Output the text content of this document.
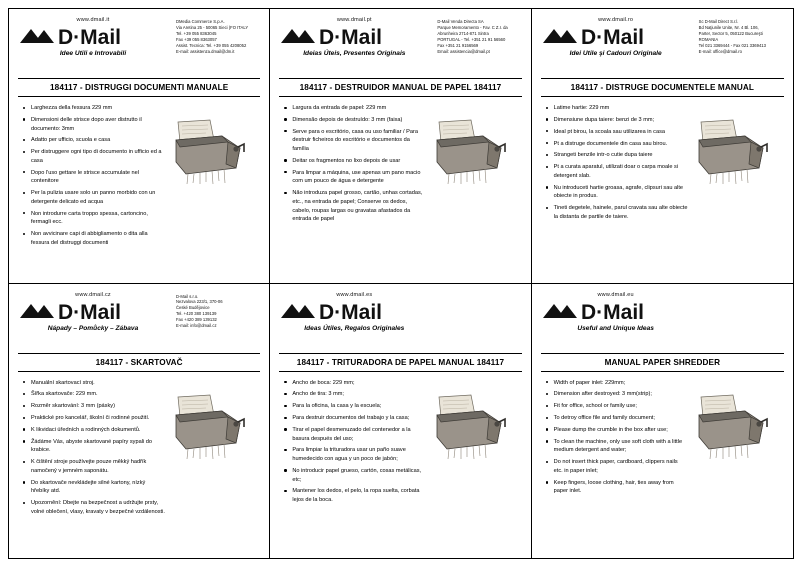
www.dmail.it
D·Mail
Idee Utili e Introvabili
DMedia Commerce S.p.A.
Via Aretina 25 - 50065 Sieci (FO ITALY
Tel. +39 055 8363045
Fax +39 055 8363057
Assist. Tecnica: Tel. +39 055 4208052
E-mail: assistenza.dmail@dm.it
184117 - DISTRUGGI DOCUMENTI MANUALE
Larghezza della fessura 229 mm
Dimensioni delle strisce dopo aver distrutto il documento: 3mm
Adatto per ufficio, scuola e casa
Per distruggere ogni tipo di documento in ufficio ed a casa
Dopo l'uso gettare le strisce accumulate nel contenitore
Per la pulizia usare solo un panno morbido con un detergente delicato ed acqua
Non introdurre carta troppo spessa, cartoncino, fermagli ecc.
Non avvicinare capi di abbigliamento o dita alla fessura del distruggi documenti
www.dmail.pt
D·Mail
Ideias Úteis, Presentes Originais
D-Mail Venda Directa SA
Parque Memoramento - Fav. C Z.I. da
Abrunheira 2714-871 Sintra
PORTUGAL - Tel. +351 21 91 56560
Fax +351 21 9156569
Email: assistencia@dmail.pt
184117 - DESTRUIDOR MANUAL DE PAPEL 184117
Largura da entrada de papel: 229 mm
Dimensão depois de destruído: 3 mm (faixa)
Serve para o escritório, casa ou uso familiar / Para destruir ficheiros do escritório e documentos da família
Deitar os fragmentos no lixo depois de usar
Para limpar a máquina, use apenas um pano macio com um pouco de água e detergente
Não introduza papel grosso, cartão, unhas cortadas, etc., na entrada de papel; Conserve os dedos, cabelo, roupas largas ou gravatas afastados da entrada de papel
www.dmail.ro
D·Mail
Idei Utile şi Cadouri Originale
Sc D-Mail Direct S.r.l.
Bd Naţiunile Unite, Nr. 4 Bl. 106,
Parter, Sector 5, 050122 Bucureşti
ROMANIA
Tel 021 3369444 - Fax 021 3369413
E-mail: office@dmail.ro
184117 - DISTRUGE DOCUMENTELE MANUAL
Latime hartie: 229 mm
Dimensiune dupa taiere: benzi de 3 mm;
Ideal pt birou, la scoala sau utilizarea in casa
Pt a distruge documentele din casa sau birou.
Strangeti benzile intr-o cutie dupa taiere
Pt a curata aparatul, utilizati doar o carpa moale si detergent slab.
Nu introduceti hartie groasa, agrafe, clipsuri sau alte obiecte in produs.
Tineti degetele, hainele, parul cravata sau alte obiecte la distanta de partile de taiere.
www.dmail.cz
D·Mail
Nápady – Pomůcky – Zábava
D-Mail s.r.o.
Nezvalova 223/1, 370-06
České Budějovice
Tel. +420 380 139139
Fax +420 389 139132
E-mail: info@dmail.cz
184117 - SKARTOVAČ
Manuální skartovací stroj.
Šířka skartovače: 229 mm.
Rozměr skartování: 3 mm (pásky)
Praktické pro kancelář, školní či rodinné použití.
K likvidaci úředních a rodinných dokumentů.
Žádáme Vás, abyste skartované papíry sypali do krabice.
K čištění stroje používejte pouze měkký hadřík namočený v jemném saponátu.
Do skartovače nevkládejte silné kartony, nízký hřebíky atd.
Upozornění: Dbejte na bezpečnost a udržujte prsty, volné oblečení, vlasy, kravaty v bezpečné vzdálenosti.
www.dmail.es
D·Mail
Ideas Útiles, Regalos Originales
184117 - TRITURADORA DE PAPEL MANUAL 184117
Ancho de boca: 229 mm;
Ancho de tira: 3 mm;
Para la oficina, la casa y la escuela;
Para destruir documentos del trabajo y la casa;
Tirar el papel desmenuzado del contenedor a la basura después del uso;
Para limpiar la trituradora usar un paño suave humedecido con agua y un poco de jabón;
No introducir papel grueso, cartón, cosas metálicas, etc;
Mantener los dedos, el pelo, la ropa suelta, corbata lejos de la boca.
www.dmail.eu
D·Mail
Useful and Unique Ideas
MANUAL PAPER SHREDDER
Width of paper inlet: 229mm;
Dimension after destroyed: 3 mm(strip);
Fit for office, school or family use;
To detroy office file and family document;
Please dump the crumble in the box after use;
To clean the machine, only use soft cloth with a little medium detergent and water;
Do not insert thick paper, cardboard, clippers nails etc. in paper inlet;
Keep fingers, loose clothing, hair, ties away from paper inlet.
